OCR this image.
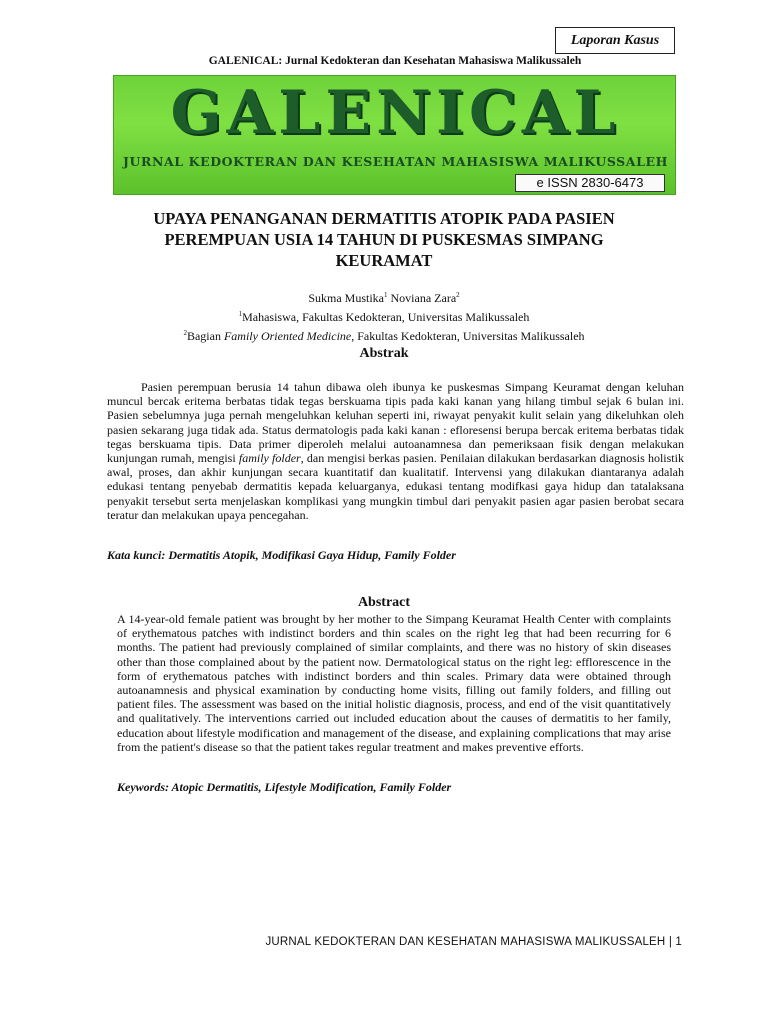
Laporan Kasus
GALENICAL: Jurnal Kedokteran dan Kesehatan Mahasiswa Malikussaleh
GALENICAL
JURNAL KEDOKTERAN DAN KESEHATAN MAHASISWA MALIKUSSALEH
e ISSN 2830-6473
UPAYA PENANGANAN DERMATITIS ATOPIK PADA PASIEN
PEREMPUAN USIA 14 TAHUN DI PUSKESMAS SIMPANG
KEURAMAT
Sukma Mustika$^1$ Noviana Zara$^2$
$^1$Mahasiswa, Fakultas Kedokteran, Universitas Malikussaleh
$^2$Bagian Family Oriented Medicine, Fakultas Kedokteran, Universitas Malikussaleh
Abstrak
Pasien perempuan berusia 14 tahun dibawa oleh ibunya ke puskesmas Simpang Keuramat dengan keluhan muncul bercak eritema berbatas tidak tegas berskuama tipis pada kaki kanan yang hilang timbul sejak 6 bulan ini. Pasien sebelumnya juga pernah mengeluhkan keluhan seperti ini, riwayat penyakit kulit selain yang dikeluhkan oleh pasien sekarang juga tidak ada. Status dermatologis pada kaki kanan : efloresensi berupa bercak eritema berbatas tidak tegas berskuama tipis. Data primer diperoleh melalui autoanamnesa dan pemeriksaan fisik dengan melakukan kunjungan rumah, mengisi family folder, dan mengisi berkas pasien. Penilaian dilakukan berdasarkan diagnosis holistik awal, proses, dan akhir kunjungan secara kuantitatif dan kualitatif. Intervensi yang dilakukan diantaranya adalah edukasi tentang penyebab dermatitis kepada keluarganya, edukasi tentang modifkasi gaya hidup dan tatalaksana penyakit tersebut serta menjelaskan komplikasi yang mungkin timbul dari penyakit pasien agar pasien berobat secara teratur dan melakukan upaya pencegahan.
Kata kunci: Dermatitis Atopik, Modifikasi Gaya Hidup, Family Folder
Abstract
A 14-year-old female patient was brought by her mother to the Simpang Keuramat Health Center with complaints of erythematous patches with indistinct borders and thin scales on the right leg that had been recurring for 6 months. The patient had previously complained of similar complaints, and there was no history of skin diseases other than those complained about by the patient now. Dermatological status on the right leg: efflorescence in the form of erythematous patches with indistinct borders and thin scales. Primary data were obtained through autoanamnesis and physical examination by conducting home visits, filling out family folders, and filling out patient files. The assessment was based on the initial holistic diagnosis, process, and end of the visit quantitatively and qualitatively. The interventions carried out included education about the causes of dermatitis to her family, education about lifestyle modification and management of the disease, and explaining complications that may arise from the patient's disease so that the patient takes regular treatment and makes preventive efforts.
Keywords: Atopic Dermatitis, Lifestyle Modification, Family Folder
JURNAL KEDOKTERAN DAN KESEHATAN MAHASISWA MALIKUSSALEH | 1
